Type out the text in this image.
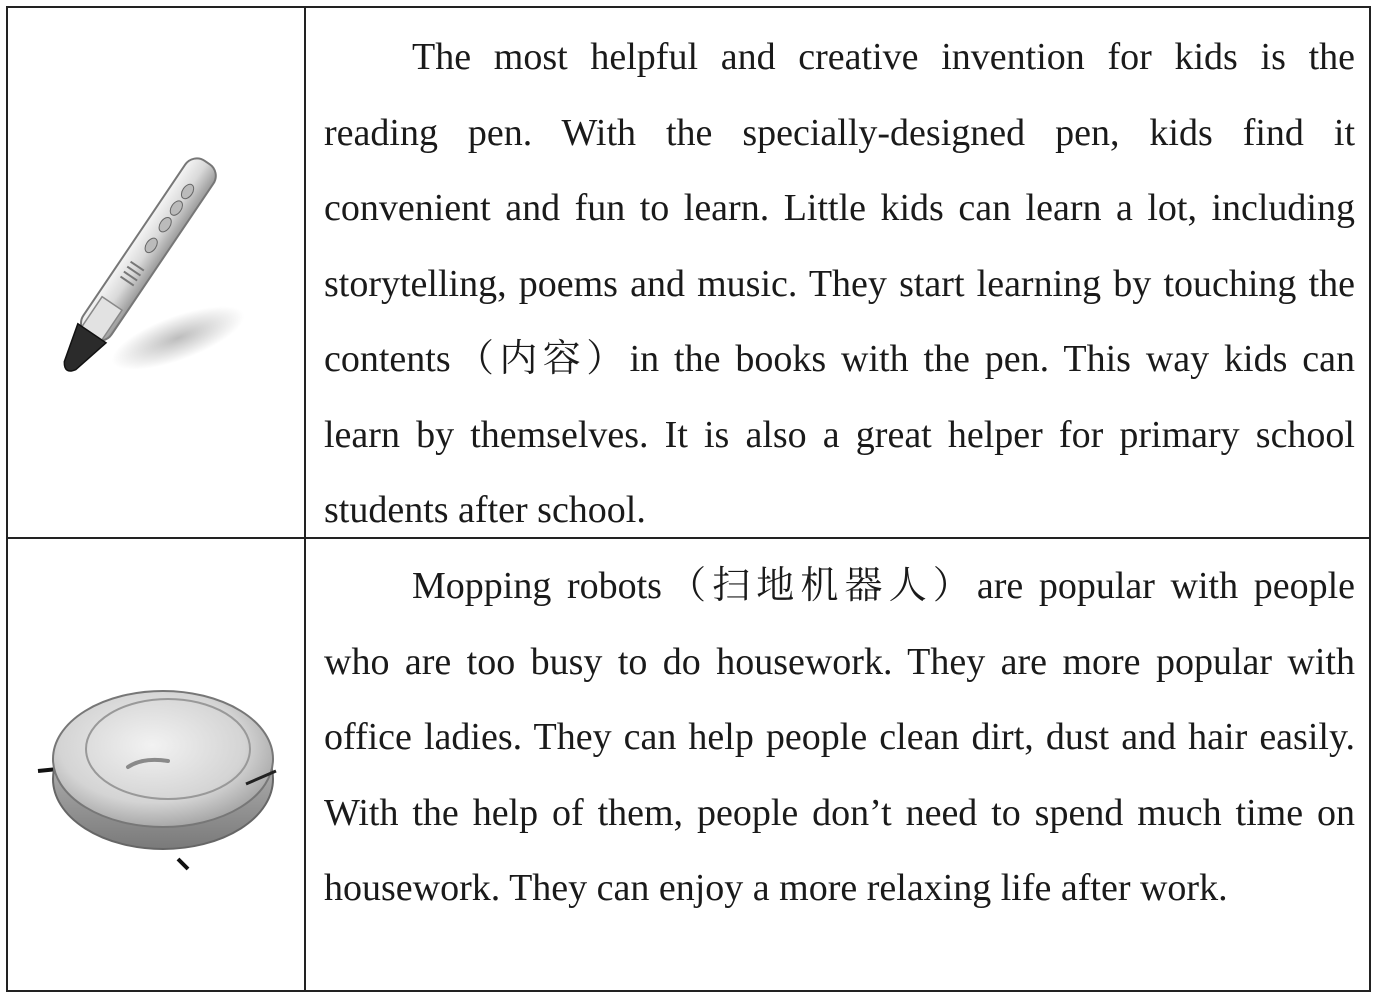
The most helpful and creative invention for kids is the reading pen. With the specially-designed pen, kids find it convenient and fun to learn. Little kids can learn a lot, including storytelling, poems and music. They start learning by touching the contents（内容）in the books with the pen. This way kids can learn by themselves. It is also a great helper for primary school students after school.

Mopping robots（扫地机器人）are popular with people who are too busy to do housework. They are more popular with office ladies. They can help people clean dirt, dust and hair easily. With the help of them, people don’t need to spend much time on housework. They can enjoy a more relaxing life after work.
